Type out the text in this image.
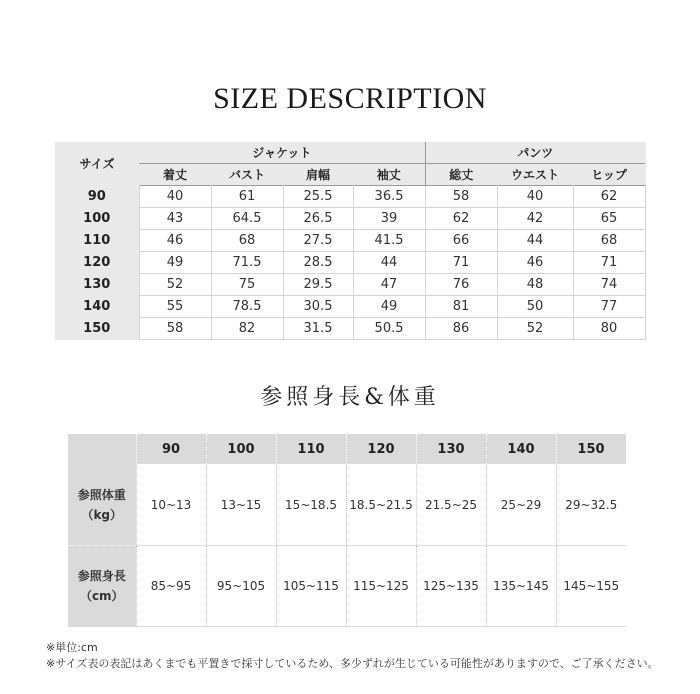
SIZE DESCRIPTION
サイズ	ジャケット				パンツ		
	着丈	バスト	肩幅	袖丈	総丈	ウエスト	ヒップ
90	40	61	25.5	36.5	58	40	62
100	43	64.5	26.5	39	62	42	65
110	46	68	27.5	41.5	66	44	68
120	49	71.5	28.5	44	71	46	71
130	52	75	29.5	47	76	48	74
140	55	78.5	30.5	49	81	50	77
150	58	82	31.5	50.5	86	52	80
参照身長&体重
	90	100	110	120	130	140	150

参照体重
（kg）	10~13	13~15	15~18.5	18.5~21.5	21.5~25	25~29	29~32.5

参照身長
（cm）	85~95	95~105	105~115	115~125	125~135	135~145	145~155
※単位:cm
※サイズ表の表記はあくまでも平置きで採寸しているため、多少ずれが生じている可能性がありますので、ご了承ください。
